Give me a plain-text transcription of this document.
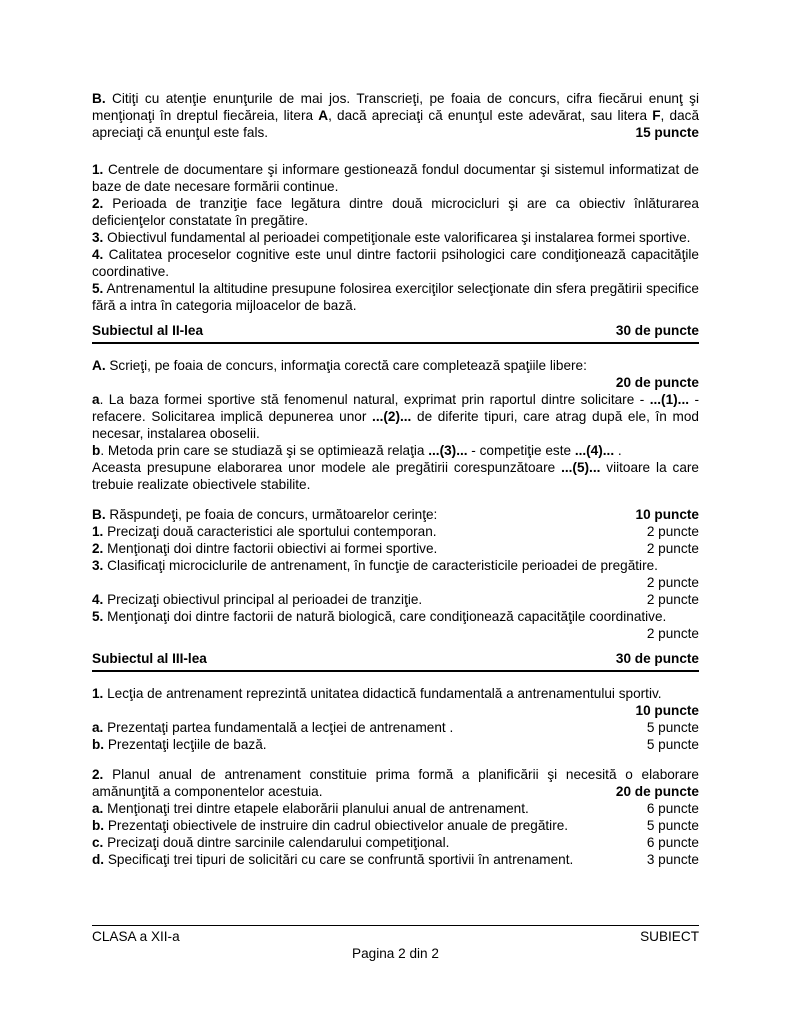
B. Citiţi cu atenţie enunţurile de mai jos. Transcrieţi, pe foaia de concurs, cifra fiecărui enunţ şi menţionaţi în dreptul fiecăreia, litera A, dacă apreciaţi că enunţul este adevărat, sau litera F, dacă apreciaţi că enunţul este fals.	15 puncte
1. Centrele de documentare şi informare gestionează fondul documentar şi sistemul informatizat de baze de date necesare formării continue.
2. Perioada de tranziţie face legătura dintre două microcicluri şi are ca obiectiv înlăturarea deficienţelor constatate în pregătire.
3. Obiectivul fundamental al perioadei competiţionale este valorificarea şi instalarea formei sportive.
4. Calitatea proceselor cognitive este unul dintre factorii psihologici care condiţionează capacităţile coordinative.
5. Antrenamentul la altitudine presupune folosirea exerciţilor selecţionate din sfera pregătirii specifice fără a intra în categoria mijloacelor de bază.
Subiectul al II-lea	30 de puncte
A. Scrieţi, pe foaia de concurs, informaţia corectă care completează spaţiile libere:
20 de puncte
a. La baza formei sportive stă fenomenul natural, exprimat prin raportul dintre solicitare - ...(1)... - refacere. Solicitarea implică depunerea unor ...(2)... de diferite tipuri, care atrag după ele, în mod necesar, instalarea oboselii.
b. Metoda prin care se studiază şi se optimiează relaţia ...(3)... - competiţie este ...(4)... .
Aceasta presupune elaborarea unor modele ale pregătirii corespunzătoare ...(5)... viitoare la care trebuie realizate obiectivele stabilite.
B. Răspundeţi, pe foaia de concurs, următoarelor cerinţe:	10 puncte
1. Precizaţi două caracteristici ale sportului contemporan.	2 puncte
2. Menţionaţi doi dintre factorii obiectivi ai formei sportive.	2 puncte
3. Clasificaţi microciclurile de antrenament, în funcţie de caracteristicile perioadei de pregătire.
2 puncte
4. Precizaţi obiectivul principal al perioadei de tranziţie.	2 puncte
5. Menţionaţi doi dintre factorii de natură biologică, care condiţionează capacităţile coordinative.
2 puncte
Subiectul al III-lea	30 de puncte
1. Lecţia de antrenament reprezintă unitatea didactică fundamentală a antrenamentului sportiv.
10 puncte
a. Prezentaţi partea fundamentală a lecţiei de antrenament .	5 puncte
b. Prezentaţi lecţiile de bază.	5 puncte
2. Planul anual de antrenament constituie prima formă a planificării şi necesită o elaborare amănunţită a componentelor acestuia.	20 de puncte
a. Menţionaţi trei dintre etapele elaborării planului anual de antrenament.	6 puncte
b. Prezentaţi obiectivele de instruire din cadrul obiectivelor anuale de pregătire.	5 puncte
c. Precizaţi două dintre sarcinile calendarului competiţional.	6 puncte
d. Specificaţi trei tipuri de solicitări cu care se confruntă sportivii în antrenament.	3 puncte
CLASA a XII-a	SUBIECT
Pagina 2 din 2
